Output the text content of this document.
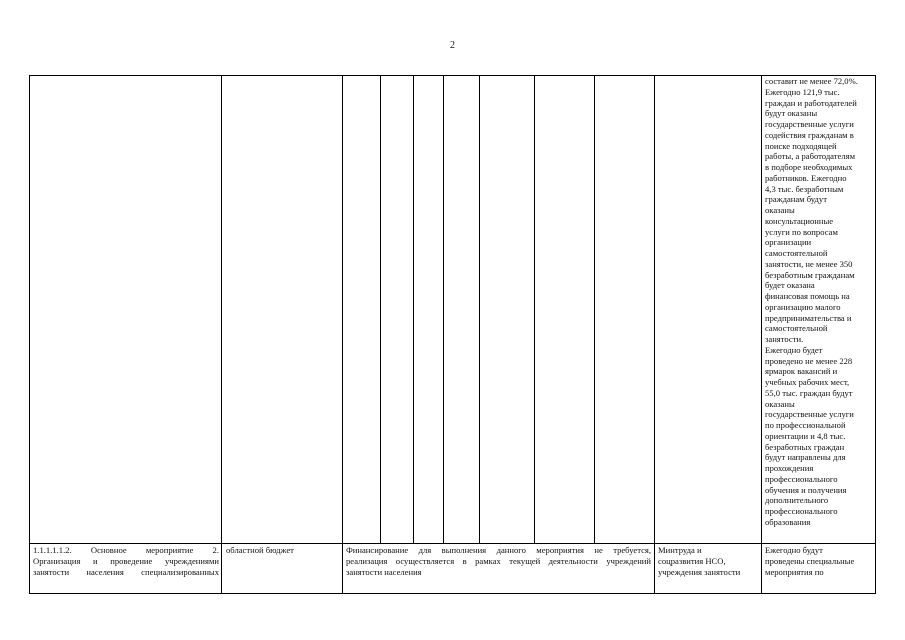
2
составит не менее 72,0%.
Ежегодно 121,9 тыс.
граждан и работодателей
будут оказаны
государственные услуги
содействия гражданам в
поиске подходящей
работы, а работодателям
в подборе необходимых
работников. Ежегодно
4,3 тыс. безработным
гражданам будут
оказаны
консультационные
услуги по вопросам
организации
самостоятельной
занятости, не менее 350
безработным гражданам
будет оказана
финансовая помощь на
организацию малого
предпринимательства и
самостоятельной
занятости.
Ежегодно будет
проведено не менее 228
ярмарок вакансий и
учебных рабочих мест,
55,0 тыс. граждан будут
оказаны
государственные услуги
по профессиональной
ориентации и 4,8 тыс.
безработных граждан
будут направлены для
прохождения
профессионального
обучения и получения
дополнительного
профессионального
образования
1.1.1.1.1.2. Основное мероприятие 2.
Организация и проведение учреждениями
занятости населения специализированных
областной бюджет	Финансирование для выполнения данного мероприятия не требуется,
реализация осуществляется в рамках текущей деятельности учреждений
занятости населения
Минтруда и
соцразвития НСО,
учреждения занятости
Ежегодно будут
проведены специальные
мероприятия по
